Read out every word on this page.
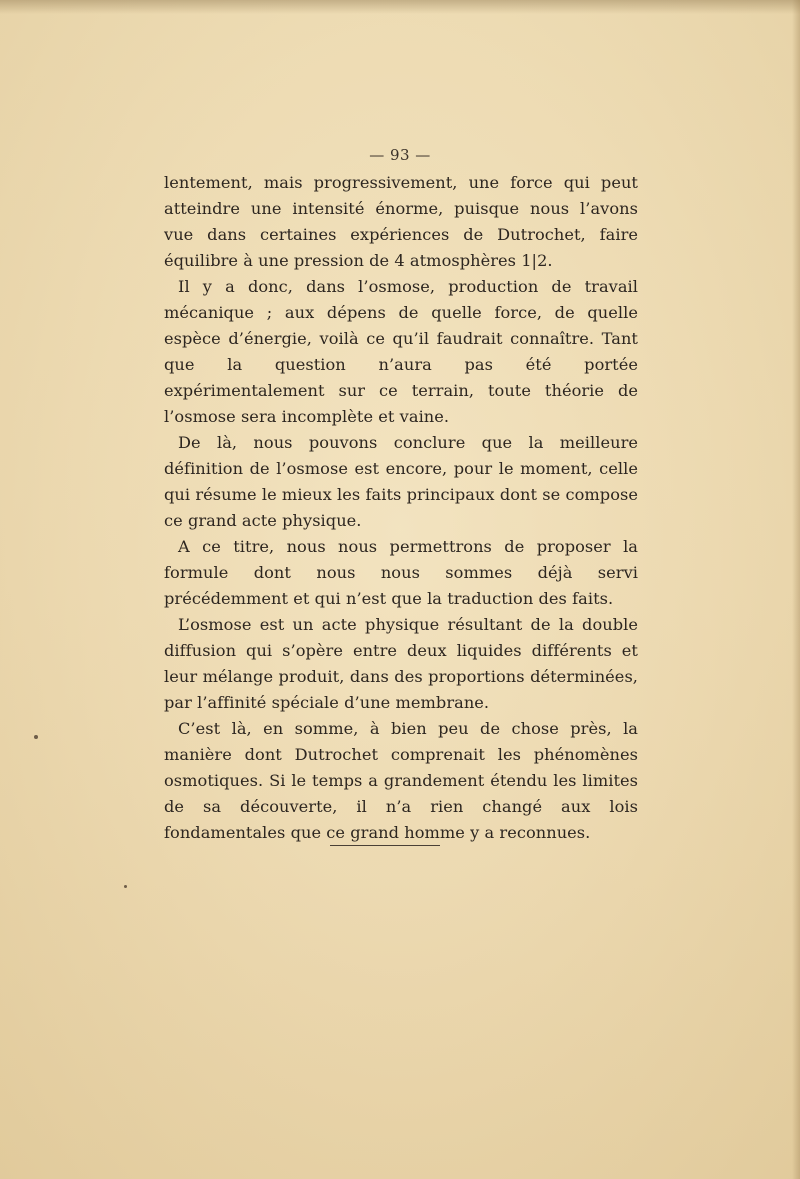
— 93 —

lentement, mais progressivement, une force qui peut atteindre une intensité énorme, puisque nous l’avons vue dans certaines expériences de Dutrochet, faire équilibre à une pression de 4 atmosphères 1|2.

Il y a donc, dans l’osmose, production de travail mécanique ; aux dépens de quelle force, de quelle espèce d’énergie, voilà ce qu’il faudrait connaître. Tant que la question n’aura pas été portée expérimentalement sur ce terrain, toute théorie de l’osmose sera incomplète et vaine.

De là, nous pouvons conclure que la meilleure définition de l’osmose est encore, pour le moment, celle qui résume le mieux les faits principaux dont se compose ce grand acte physique.

A ce titre, nous nous permettrons de proposer la formule dont nous nous sommes déjà servi précédemment et qui n’est que la traduction des faits.

L’osmose est un acte physique résultant de la double diffusion qui s’opère entre deux liquides différents et leur mélange produit, dans des proportions déterminées, par l’affinité spéciale d’une membrane.

C’est là, en somme, à bien peu de chose près, la manière dont Dutrochet comprenait les phénomènes osmotiques. Si le temps a grandement étendu les limites de sa découverte, il n’a rien changé aux lois fondamentales que ce grand homme y a reconnues.
